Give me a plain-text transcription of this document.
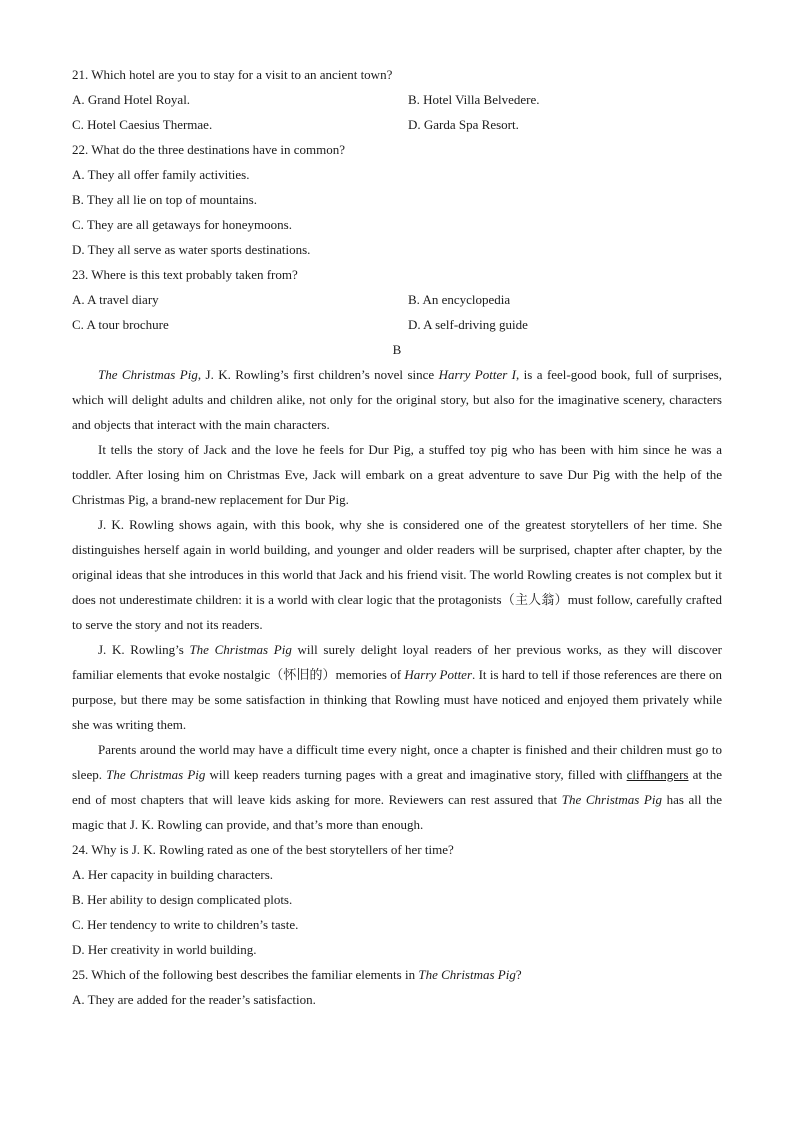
21. Which hotel are you to stay for a visit to an ancient town?
A. Grand Hotel Royal.	B. Hotel Villa Belvedere.
C. Hotel Caesius Thermae.	D. Garda Spa Resort.
22. What do the three destinations have in common?
A. They all offer family activities.
B. They all lie on top of mountains.
C. They are all getaways for honeymoons.
D. They all serve as water sports destinations.
23. Where is this text probably taken from?
A. A travel diary	B. An encyclopedia
C. A tour brochure	D. A self-driving guide
B
The Christmas Pig, J. K. Rowling’s first children’s novel since Harry Potter I, is a feel-good book, full of surprises, which will delight adults and children alike, not only for the original story, but also for the imaginative scenery, characters and objects that interact with the main characters.
It tells the story of Jack and the love he feels for Dur Pig, a stuffed toy pig who has been with him since he was a toddler. After losing him on Christmas Eve, Jack will embark on a great adventure to save Dur Pig with the help of the Christmas Pig, a brand-new replacement for Dur Pig.
J. K. Rowling shows again, with this book, why she is considered one of the greatest storytellers of her time. She distinguishes herself again in world building, and younger and older readers will be surprised, chapter after chapter, by the original ideas that she introduces in this world that Jack and his friend visit. The world Rowling creates is not complex but it does not underestimate children: it is a world with clear logic that the protagonists（主人翁）must follow, carefully crafted to serve the story and not its readers.
J. K. Rowling’s The Christmas Pig will surely delight loyal readers of her previous works, as they will discover familiar elements that evoke nostalgic（怀旧的）memories of Harry Potter. It is hard to tell if those references are there on purpose, but there may be some satisfaction in thinking that Rowling must have noticed and enjoyed them privately while she was writing them.
Parents around the world may have a difficult time every night, once a chapter is finished and their children must go to sleep. The Christmas Pig will keep readers turning pages with a great and imaginative story, filled with cliffhangers at the end of most chapters that will leave kids asking for more. Reviewers can rest assured that The Christmas Pig has all the magic that J. K. Rowling can provide, and that’s more than enough.
24. Why is J. K. Rowling rated as one of the best storytellers of her time?
A. Her capacity in building characters.
B. Her ability to design complicated plots.
C. Her tendency to write to children’s taste.
D. Her creativity in world building.
25. Which of the following best describes the familiar elements in The Christmas Pig?
A. They are added for the reader’s satisfaction.
